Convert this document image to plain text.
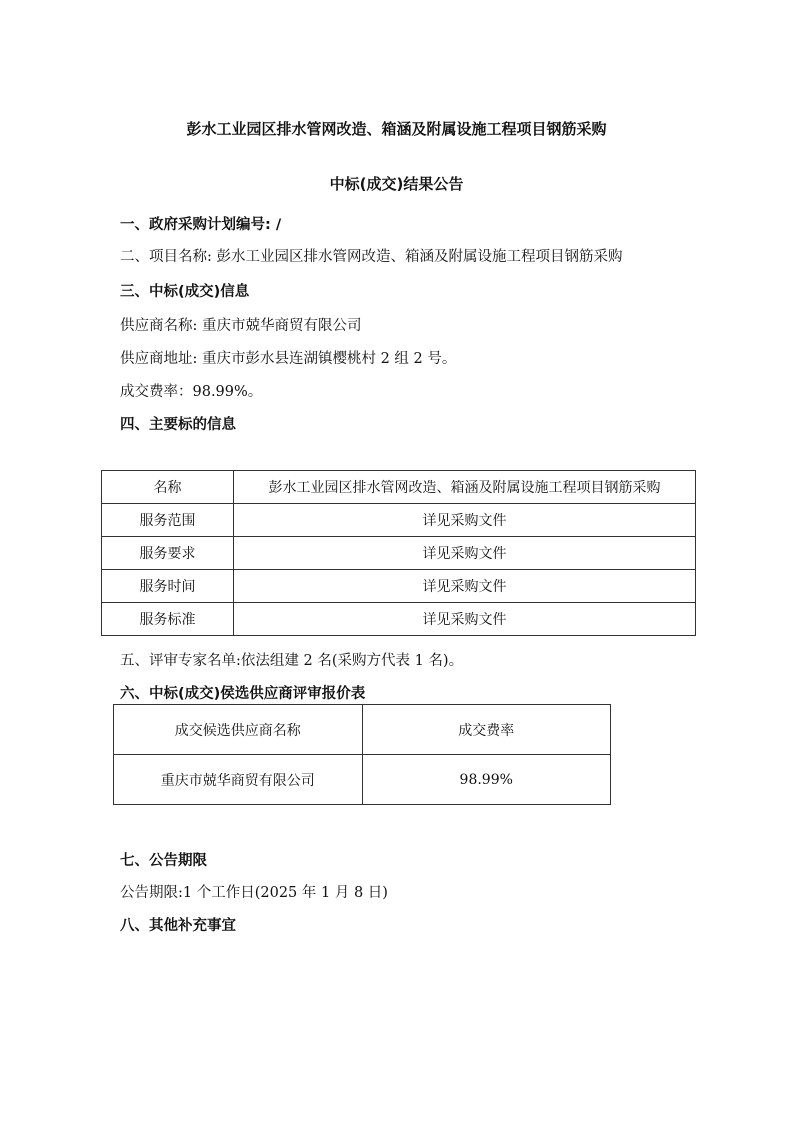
彭水工业园区排水管网改造、箱涵及附属设施工程项目钢筋采购
中标(成交)结果公告
一、政府采购计划编号: /
二、项目名称: 彭水工业园区排水管网改造、箱涵及附属设施工程项目钢筋采购
三、中标(成交)信息
供应商名称: 重庆市兢华商贸有限公司
供应商地址: 重庆市彭水县连湖镇樱桃村 2 组 2 号。
成交费率：98.99%。
四、主要标的信息
名称	彭水工业园区排水管网改造、箱涵及附属设施工程项目钢筋采购
服务范围	详见采购文件
服务要求	详见采购文件
服务时间	详见采购文件
服务标准	详见采购文件
五、评审专家名单:依法组建 2 名(采购方代表 1 名)。
六、中标(成交)侯选供应商评审报价表
成交候选供应商名称	成交费率
重庆市兢华商贸有限公司	98.99%
七、公告期限
公告期限:1 个工作日(2025 年 1 月 8 日)
八、其他补充事宜
